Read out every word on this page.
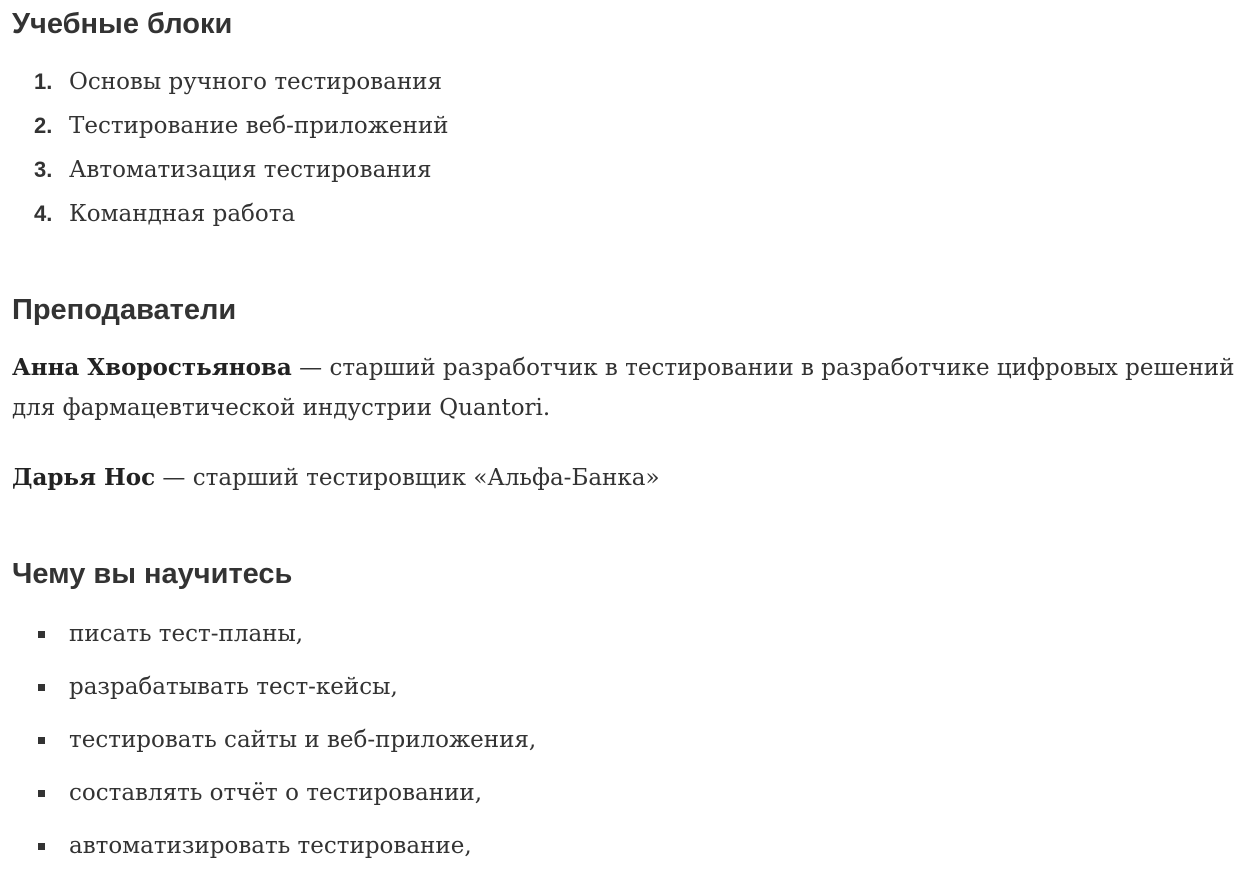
Учебные блоки
1. Основы ручного тестирования
2. Тестирование веб-приложений
3. Автоматизация тестирования
4. Командная работа
Преподаватели

Анна Хворостьянова — старший разработчик в тестировании в разработчике цифровых решений для фармацевтической индустрии Quantori.

Дарья Нос — старший тестировщик «Альфа-Банка»

Чему вы научитесь
писать тест-планы,
разрабатывать тест-кейсы,
тестировать сайты и веб-приложения,
составлять отчёт о тестировании,
автоматизировать тестирование,
